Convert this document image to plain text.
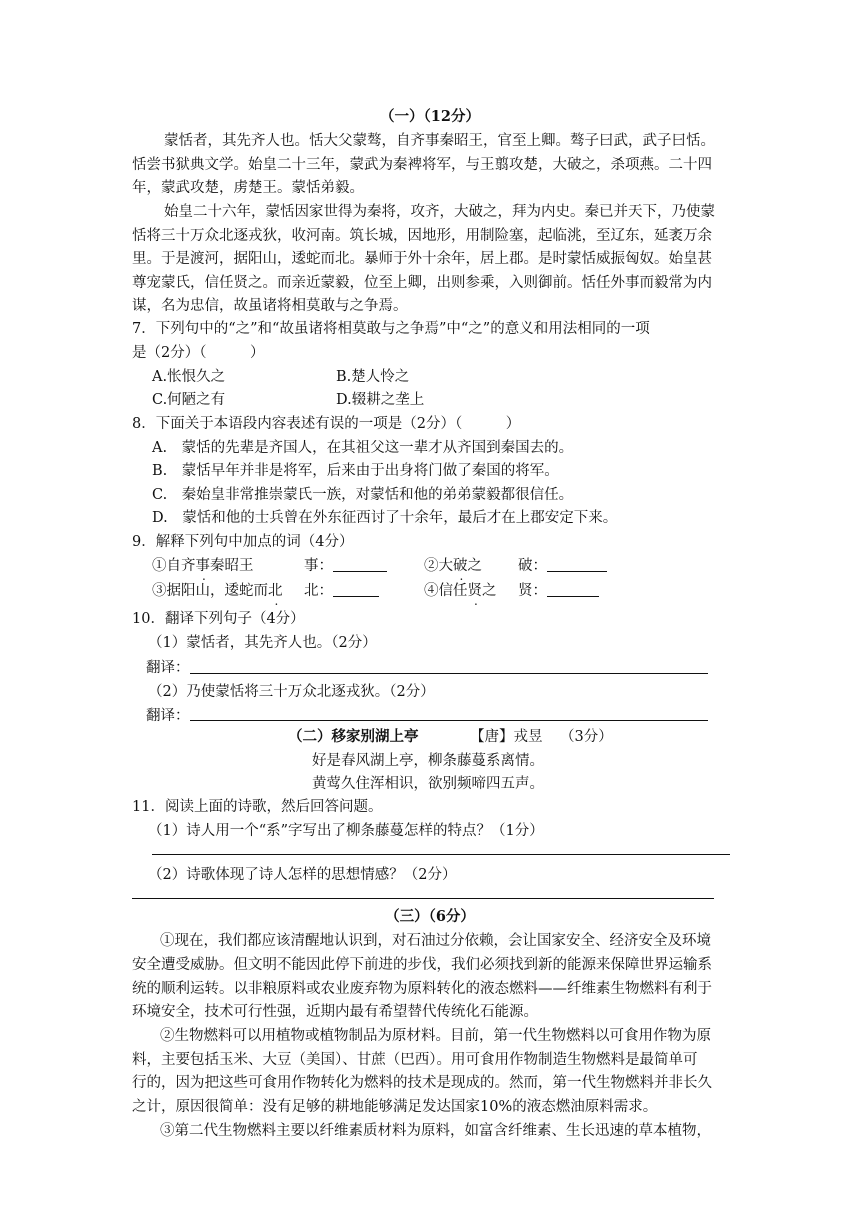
（一）（12分）
蒙恬者，其先齐人也。恬大父蒙骜，自齐事秦昭王，官至上卿。骜子曰武，武子曰恬。
恬尝书狱典文学。始皇二十三年，蒙武为秦裨将军，与王翦攻楚，大破之，杀项燕。二十四
年，蒙武攻楚，虏楚王。蒙恬弟毅。
始皇二十六年，蒙恬因家世得为秦将，攻齐，大破之，拜为内史。秦已并天下，乃使蒙
恬将三十万众北逐戎狄，收河南。筑长城，因地形，用制险塞，起临洮，至辽东，延袤万余
里。于是渡河，据阳山，逶蛇而北。暴师于外十余年，居上郡。是时蒙恬威振匈奴。始皇甚
尊宠蒙氏，信任贤之。而亲近蒙毅，位至上卿，出则参乘，入则御前。恬任外事而毅常为内
谋，名为忠信，故虽诸将相莫敢与之争焉。
7．下列句中的“之”和“故虽诸将相莫敢与之争焉”中“之”的意义和用法相同的一项
是（2分）（　　　）
A.怅恨久之	B.楚人怜之
C.何陋之有	D.辍耕之垄上
8．下面关于本语段内容表述有误的一项是（2分）（　　　）
A.　蒙恬的先辈是齐国人，在其祖父这一辈才从齐国到秦国去的。
B.　蒙恬早年并非是将军，后来由于出身将门做了秦国的将军。
C.　秦始皇非常推崇蒙氏一族，对蒙恬和他的弟弟蒙毅都很信任。
D.　蒙恬和他的士兵曾在外东征西讨了十余年，最后才在上郡安定下来。
9．解释下列句中加点的词（4分）
①自齐事秦昭王	事：	②大破之 破：
③据阳山，逶蛇而北 北：	④信任贤之 贤：
10．翻译下列句子（4分）
（1）蒙恬者，其先齐人也。（2分）
翻译：
（2）乃使蒙恬将三十万众北逐戎狄。（2分）
翻译：
（二）移家别湖上亭	【唐】戎昱 （3分）
好是春风湖上亭，柳条藤蔓系离情。
黄莺久住浑相识，欲别频啼四五声。
11．阅读上面的诗歌，然后回答问题。
（1）诗人用一个“系”字写出了柳条藤蔓怎样的特点？（1分）
（2）诗歌体现了诗人怎样的思想情感？（2分）
（三）（6分）
①现在，我们都应该清醒地认识到，对石油过分依赖，会让国家安全、经济安全及环境
安全遭受威胁。但文明不能因此停下前进的步伐，我们必须找到新的能源来保障世界运输系
统的顺利运转。以非粮原料或农业废弃物为原料转化的液态燃料——纤维素生物燃料有利于
环境安全，技术可行性强，近期内最有希望替代传统化石能源。
②生物燃料可以用植物或植物制品为原材料。目前，第一代生物燃料以可食用作物为原
料，主要包括玉米、大豆（美国）、甘蔗（巴西）。用可食用作物制造生物燃料是最简单可
行的，因为把这些可食用作物转化为燃料的技术是现成的。然而，第一代生物燃料并非长久
之计，原因很简单：没有足够的耕地能够满足发达国家10%的液态燃油原料需求。
③第二代生物燃料主要以纤维素质材料为原料，如富含纤维素、生长迅速的草本植物，
